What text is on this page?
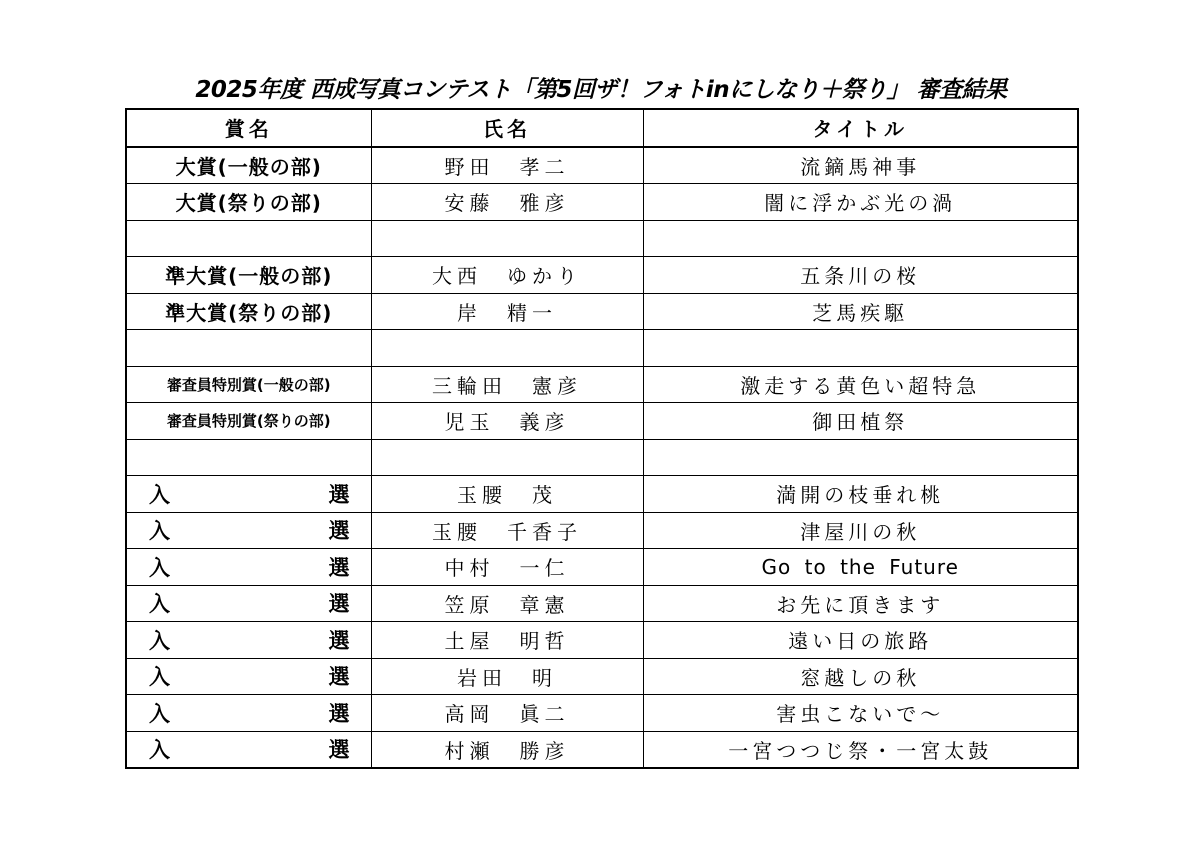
2025年度 西成写真コンテスト「第5回ザ！フォトinにしなり＋祭り」 審査結果
賞名	氏名	タイトル
大賞(一般の部)	野田　孝二	流鏑馬神事
大賞(祭りの部)	安藤　雅彦	闇に浮かぶ光の渦

準大賞(一般の部)	大西　ゆかり	五条川の桜
準大賞(祭りの部)	岸　精一	芝馬疾駆

審査員特別賞(一般の部)	三輪田　憲彦	激走する黄色い超特急
審査員特別賞(祭りの部)	児玉　義彦	御田植祭

入選	玉腰　茂	満開の枝垂れ桃
入選	玉腰　千香子	津屋川の秋
入選	中村　一仁	Go to the Future
入選	笠原　章憲	お先に頂きます
入選	土屋　明哲	遠い日の旅路
入選	岩田　明	窓越しの秋
入選	高岡　眞二	害虫こないで～
入選	村瀬　勝彦	一宮つつじ祭・一宮太鼓
